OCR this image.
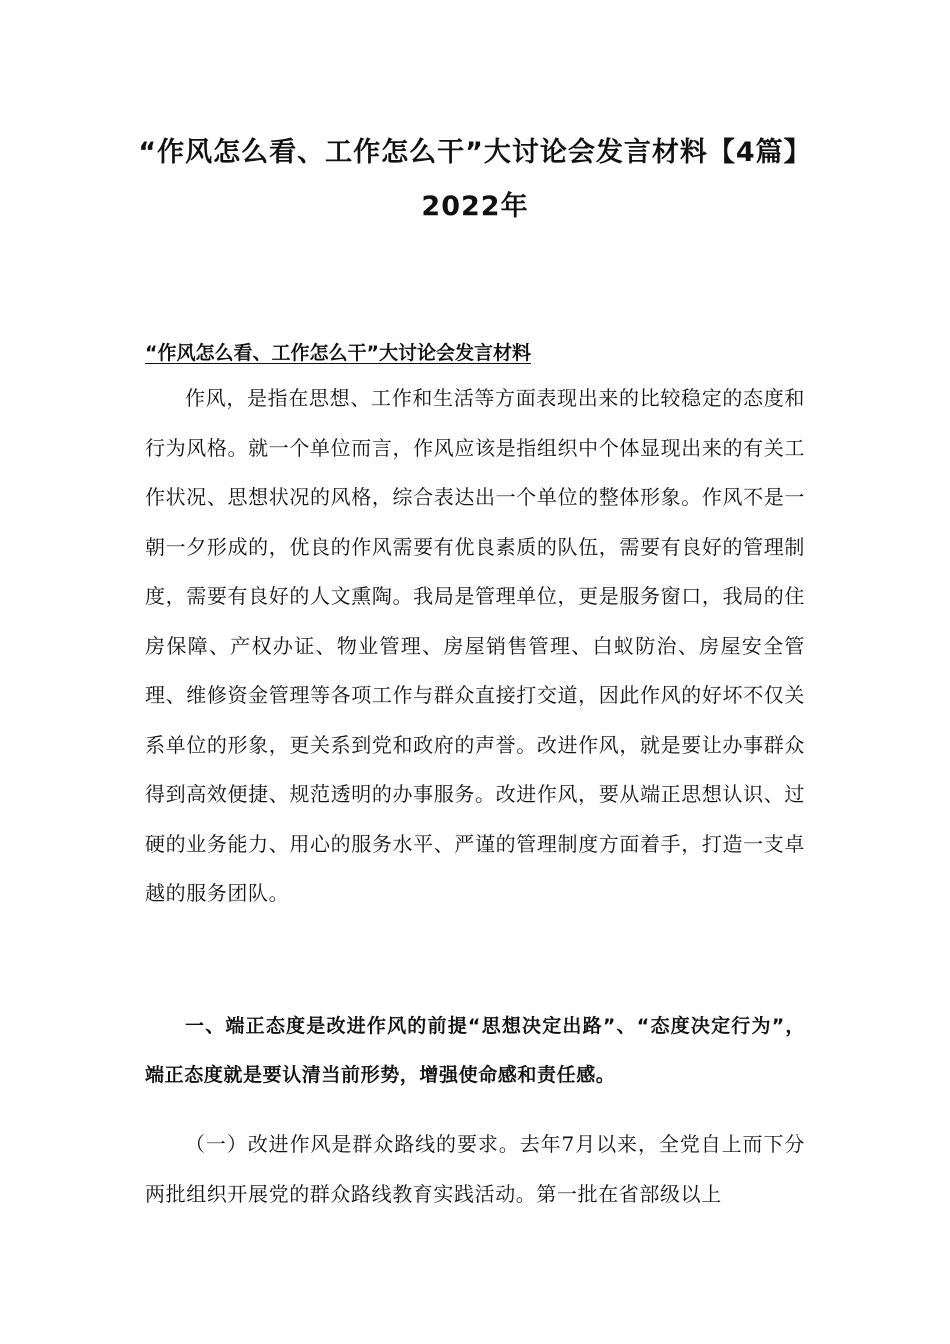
“作风怎么看、工作怎么干”大讨论会发言材料【4篇】2022年
“作风怎么看、工作怎么干”大讨论会发言材料

作风，是指在思想、工作和生活等方面表现出来的比较稳定的态度和行为风格。就一个单位而言，作风应该是指组织中个体显现出来的有关工作状况、思想状况的风格，综合表达出一个单位的整体形象。作风不是一朝一夕形成的，优良的作风需要有优良素质的队伍，需要有良好的管理制度，需要有良好的人文熏陶。我局是管理单位，更是服务窗口，我局的住房保障、产权办证、物业管理、房屋销售管理、白蚁防治、房屋安全管理、维修资金管理等各项工作与群众直接打交道，因此作风的好坏不仅关系单位的形象，更关系到党和政府的声誉。改进作风，就是要让办事群众得到高效便捷、规范透明的办事服务。改进作风，要从端正思想认识、过硬的业务能力、用心的服务水平、严谨的管理制度方面着手，打造一支卓越的服务团队。

一、端正态度是改进作风的前提“思想决定出路”、“态度决定行为”，端正态度就是要认清当前形势，增强使命感和责任感。

（一）改进作风是群众路线的要求。去年7月以来，全党自上而下分两批组织开展党的群众路线教育实践活动。第一批在省部级以上
